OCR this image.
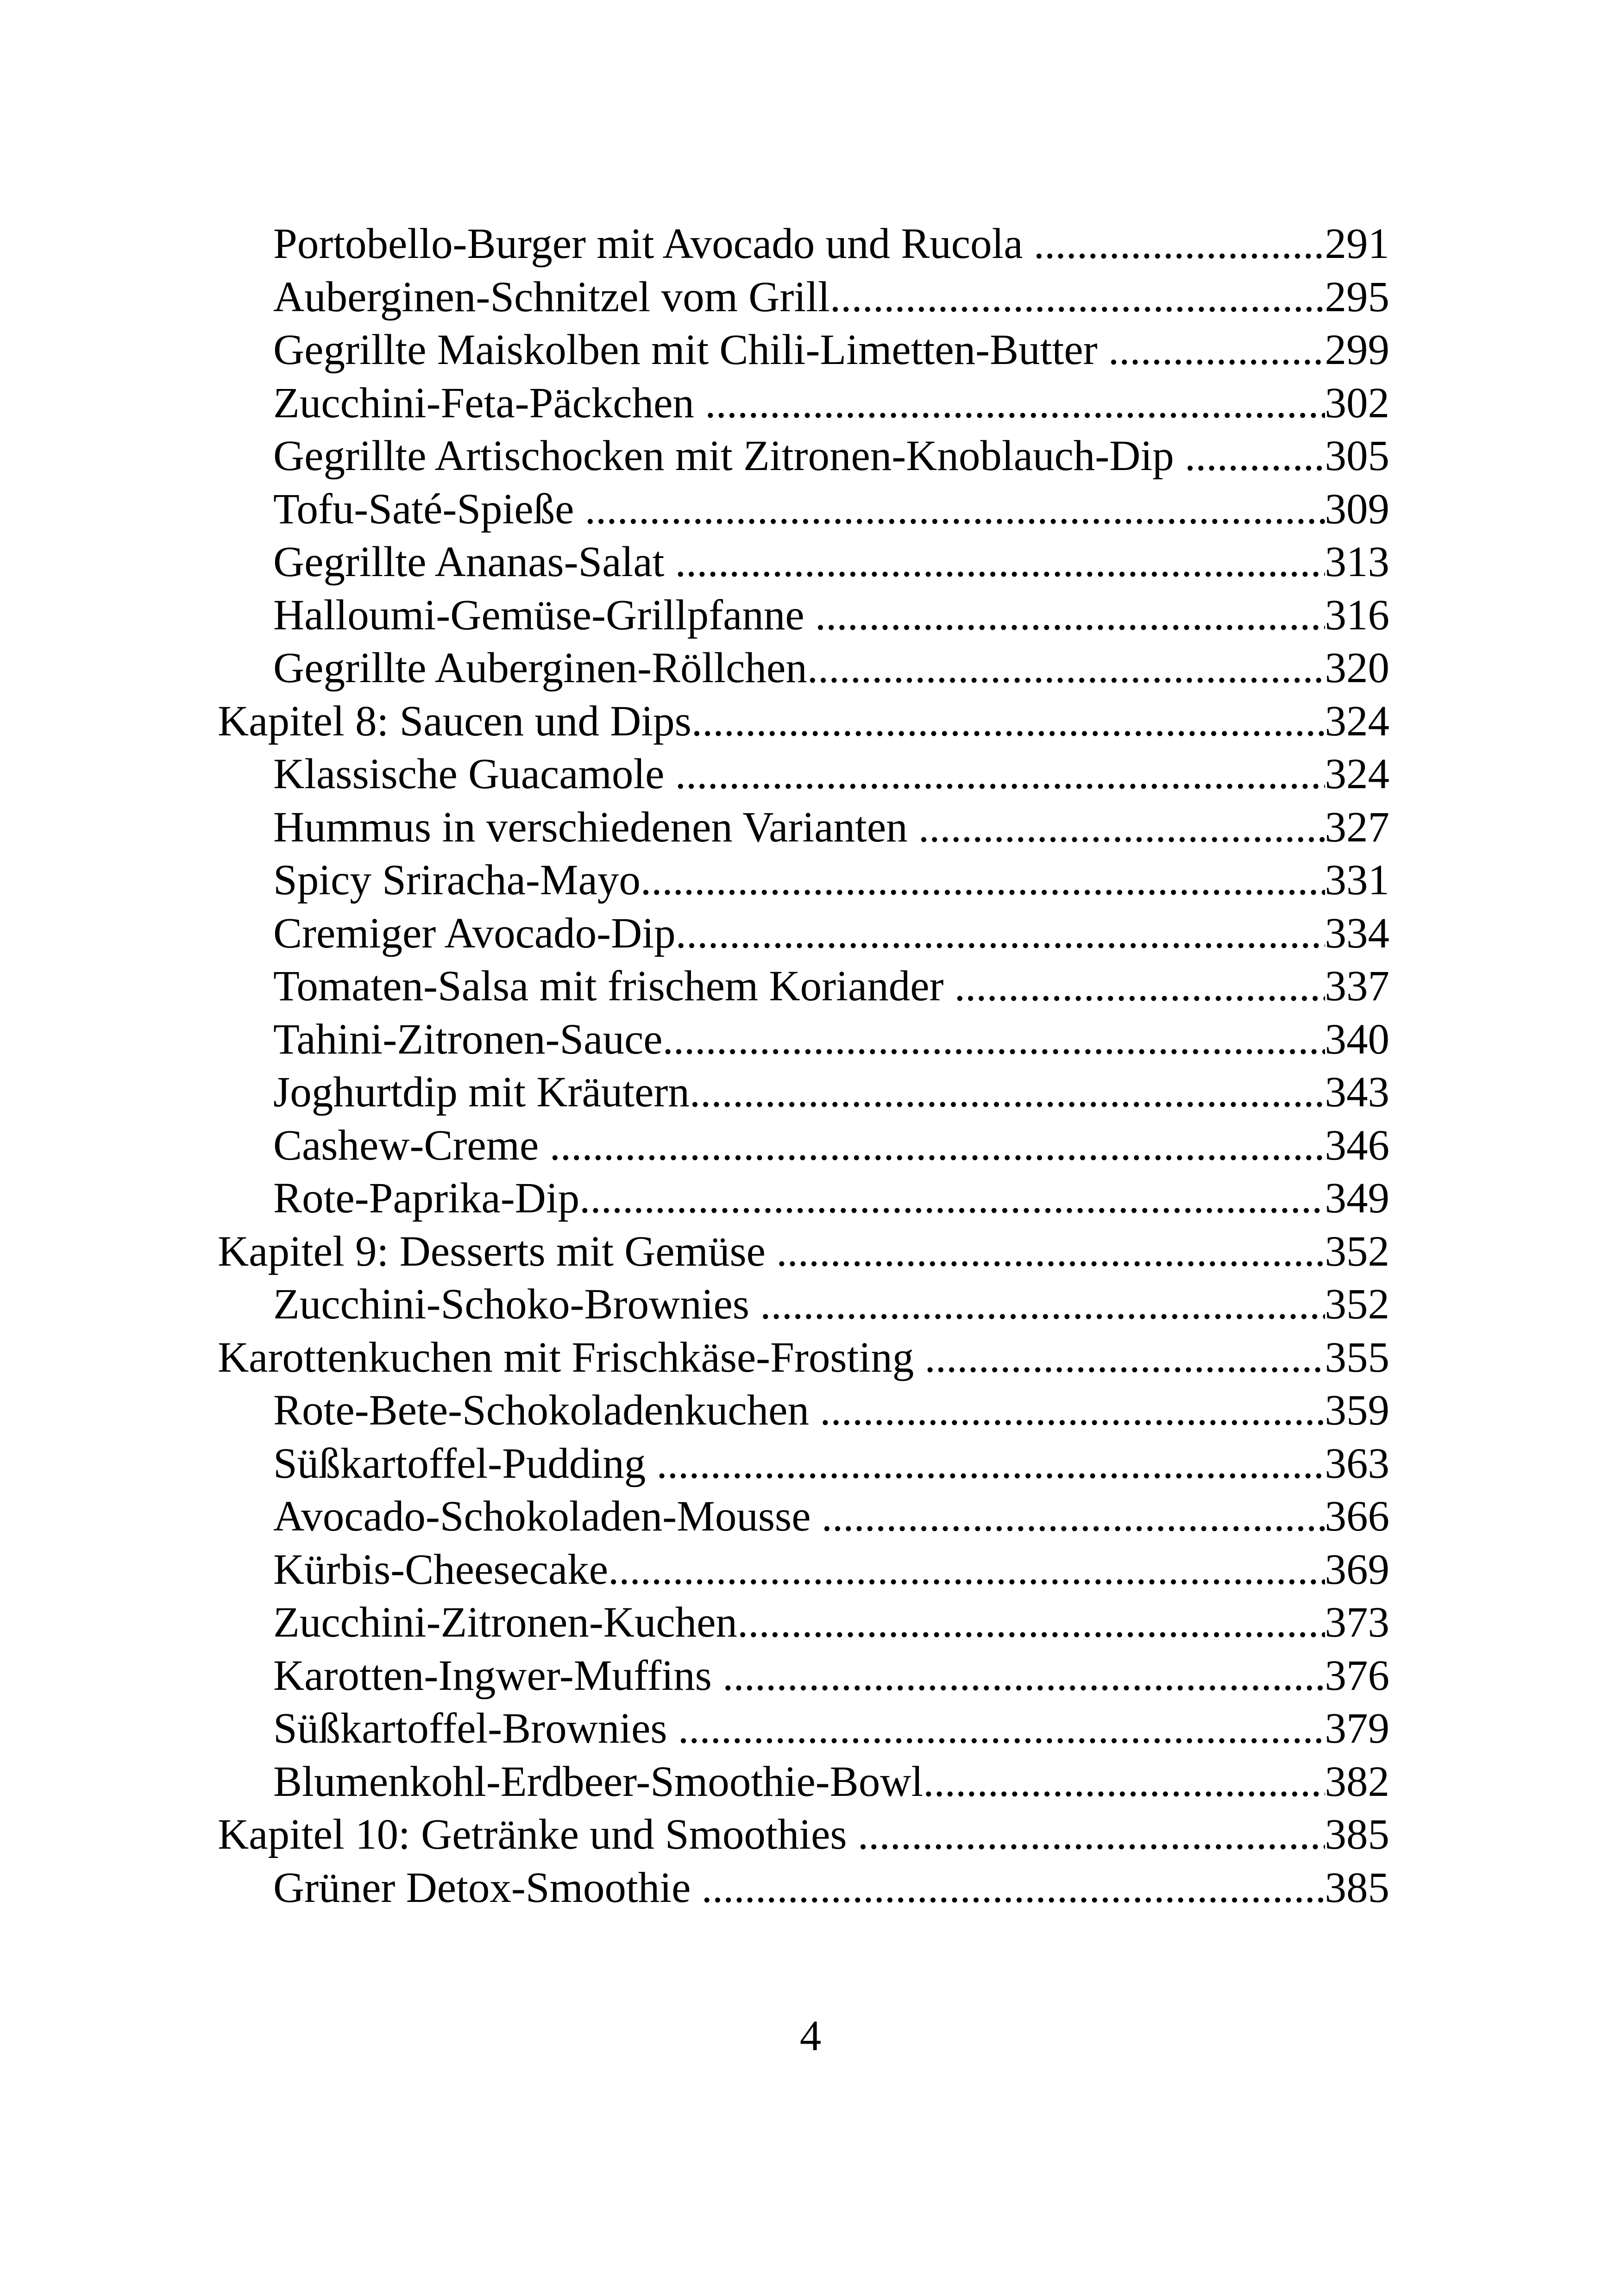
Portobello-Burger mit Avocado und Rucola .....	291
Auberginen-Schnitzel vom Grill .....	295
Gegrillte Maiskolben mit Chili-Limetten-Butter .....	299
Zucchini-Feta-Päckchen .....	302
Gegrillte Artischocken mit Zitronen-Knoblauch-Dip .....	305
Tofu-Saté-Spieße .....	309
Gegrillte Ananas-Salat .....	313
Halloumi-Gemüse-Grillpfanne .....	316
Gegrillte Auberginen-Röllchen .....	320
Kapitel 8: Saucen und Dips .....	324
Klassische Guacamole .....	324
Hummus in verschiedenen Varianten .....	327
Spicy Sriracha-Mayo .....	331
Cremiger Avocado-Dip .....	334
Tomaten-Salsa mit frischem Koriander .....	337
Tahini-Zitronen-Sauce .....	340
Joghurtdip mit Kräutern .....	343
Cashew-Creme .....	346
Rote-Paprika-Dip .....	349
Kapitel 9: Desserts mit Gemüse .....	352
Zucchini-Schoko-Brownies .....	352
Karottenkuchen mit Frischkäse-Frosting .....	355
Rote-Bete-Schokoladenkuchen .....	359
Süßkartoffel-Pudding .....	363
Avocado-Schokoladen-Mousse .....	366
Kürbis-Cheesecake .....	369
Zucchini-Zitronen-Kuchen .....	373
Karotten-Ingwer-Muffins .....	376
Süßkartoffel-Brownies .....	379
Blumenkohl-Erdbeer-Smoothie-Bowl .....	382
Kapitel 10: Getränke und Smoothies .....	385
Grüner Detox-Smoothie .....	385
4
